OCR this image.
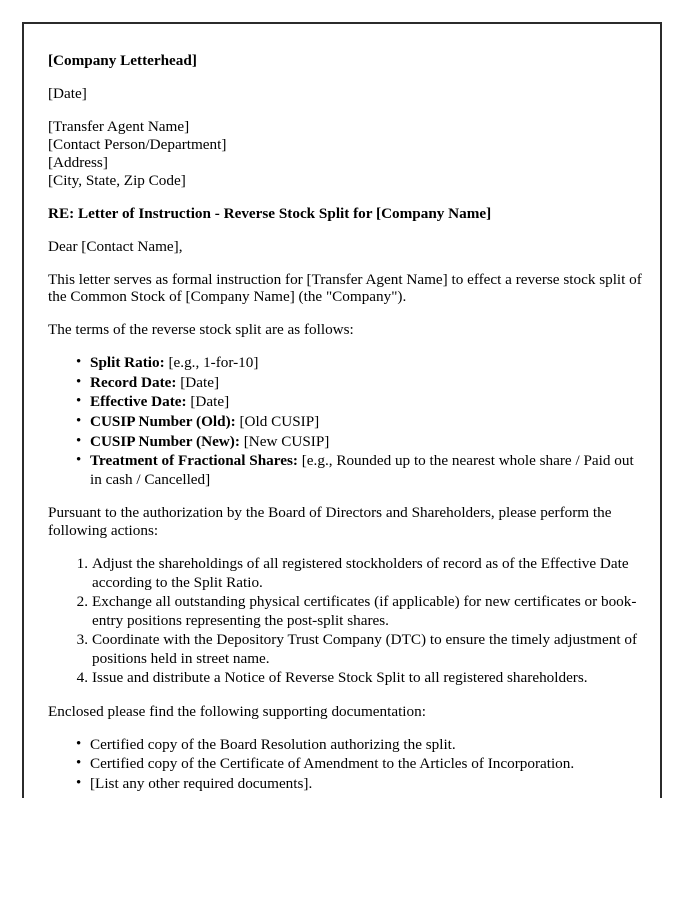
[Company Letterhead]

[Date]

[Transfer Agent Name]

[Contact Person/Department]

[Address]

[City, State, Zip Code]

RE: Letter of Instruction - Reverse Stock Split for [Company Name]

Dear [Contact Name],

This letter serves as formal instruction for [Transfer Agent Name] to effect a reverse stock split of the Common Stock of [Company Name] (the "Company").

The terms of the reverse stock split are as follows:

• Split Ratio: [e.g., 1-for-10]
• Record Date: [Date]
• Effective Date: [Date]
• CUSIP Number (Old): [Old CUSIP]
• CUSIP Number (New): [New CUSIP]
• Treatment of Fractional Shares: [e.g., Rounded up to the nearest whole share / Paid out in cash / Cancelled]

Pursuant to the authorization by the Board of Directors and Shareholders, please perform the following actions:

Adjust the shareholdings of all registered stockholders of record as of the Effective Date according to the Split Ratio.
Exchange all outstanding physical certificates (if applicable) for new certificates or book-entry positions representing the post-split shares.
Coordinate with the Depository Trust Company (DTC) to ensure the timely adjustment of positions held in street name.
Issue and distribute a Notice of Reverse Stock Split to all registered shareholders.

Enclosed please find the following supporting documentation:

• Certified copy of the Board Resolution authorizing the split.
• Certified copy of the Certificate of Amendment to the Articles of Incorporation.
• [List any other required documents].
